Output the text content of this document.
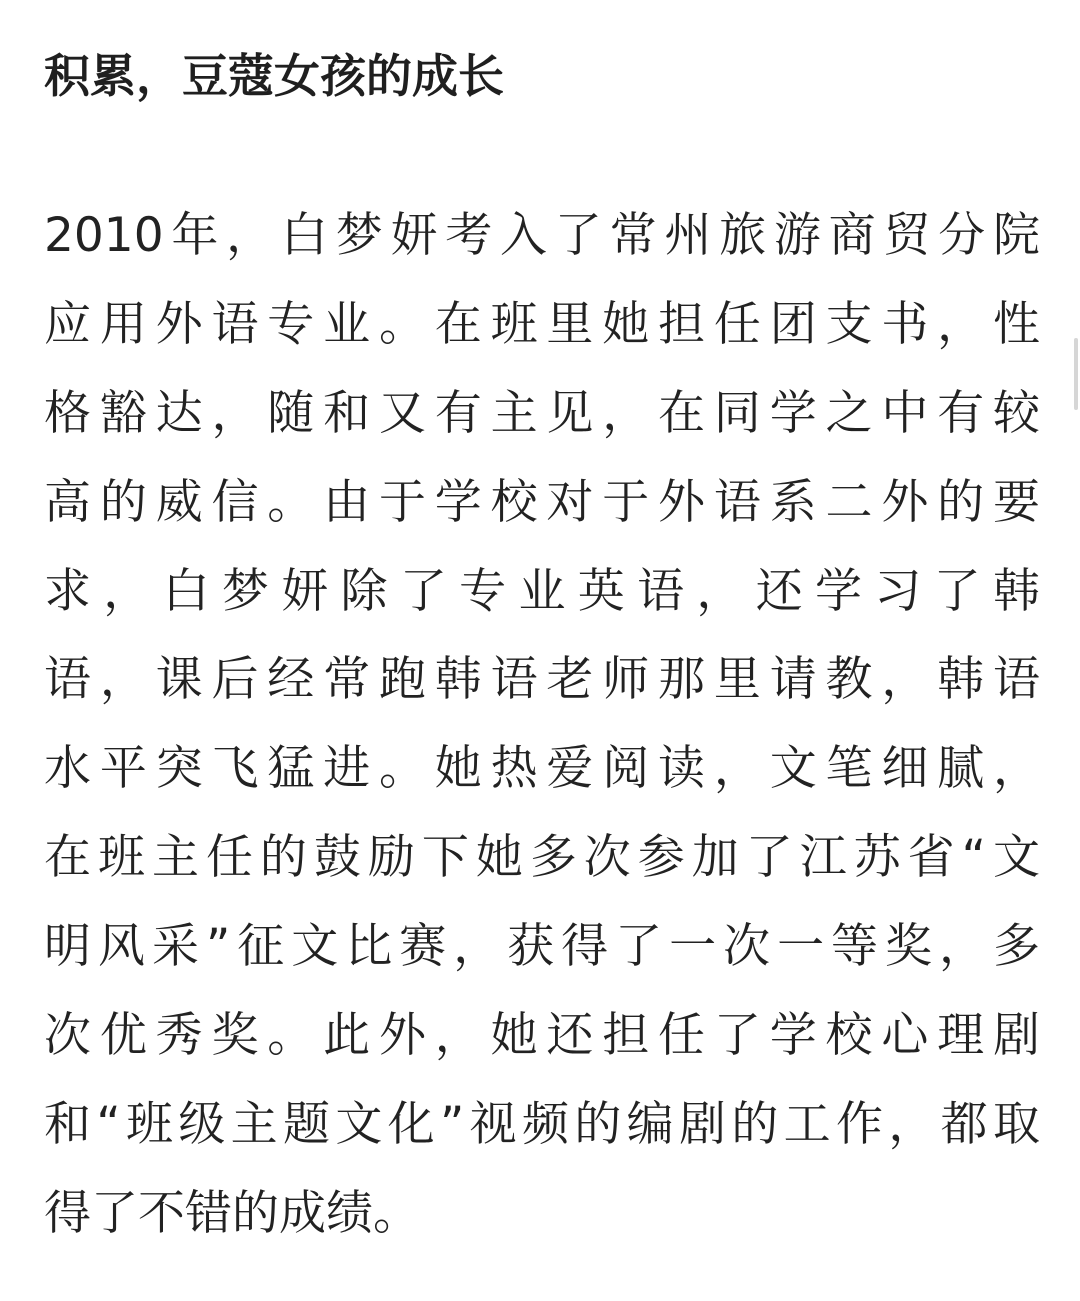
积累，豆蔻女孩的成长
2010年，白梦妍考入了常州旅游商贸分院
应用外语专业。在班里她担任团支书，性
格豁达，随和又有主见，在同学之中有较
高的威信。由于学校对于外语系二外的要
求，白梦妍除了专业英语，还学习了韩
语，课后经常跑韩语老师那里请教，韩语
水平突飞猛进。她热爱阅读，文笔细腻，
在班主任的鼓励下她多次参加了江苏省“文
明风采”征文比赛，获得了一次一等奖，多
次优秀奖。此外，她还担任了学校心理剧
和“班级主题文化”视频的编剧的工作，都取
得了不错的成绩。
